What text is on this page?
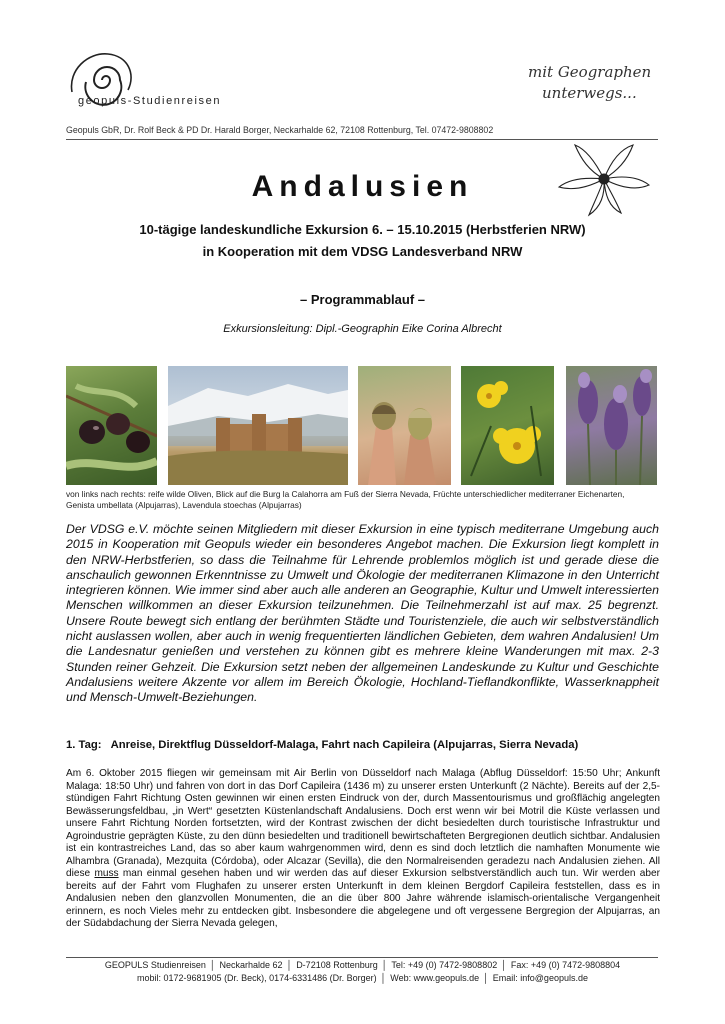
geopuls-Studienreisen
mit Geographen
unterwegs...
Geopuls GbR, Dr. Rolf Beck & PD Dr. Harald Borger, Neckarhalde 62, 72108 Rottenburg, Tel. 07472-9808802
Andalusien
10-tägige landeskundliche Exkursion 6. – 15.10.2015 (Herbstferien NRW)
in Kooperation mit dem VDSG Landesverband NRW
– Programmablauf –
Exkursionsleitung: Dipl.-Geographin Eike Corina Albrecht
von links nach rechts: reife wilde Oliven, Blick auf die Burg la Calahorra am Fuß der Sierra Nevada, Früchte unterschiedlicher mediterraner Eichenarten,
Genista umbellata (Alpujarras), Lavendula stoechas (Alpujarras)
Der VDSG e.V. möchte seinen Mitgliedern mit dieser Exkursion in eine typisch mediterrane Umgebung auch 2015 in Kooperation mit Geopuls wieder ein besonderes Angebot machen. Die Exkursion liegt komplett in den NRW-Herbstferien, so dass die Teilnahme für Lehrende problemlos möglich ist und gerade diese die anschaulich gewonnen Erkenntnisse zu Umwelt und Ökologie der mediterranen Klimazone in den Unterricht integrieren können. Wie immer sind aber auch alle anderen an Geographie, Kultur und Umwelt interessierten Menschen willkommen an dieser Exkursion teilzunehmen. Die Teilnehmerzahl ist auf max. 25 begrenzt. Unsere Route bewegt sich entlang der berühmten Städte und Touristenziele, die auch wir selbstverständlich nicht auslassen wollen, aber auch in wenig frequentierten ländlichen Gebieten, dem wahren Andalusien! Um die Landesnatur genießen und verstehen zu können gibt es mehrere kleine Wanderungen mit max. 2-3 Stunden reiner Gehzeit. Die Exkursion setzt neben der allgemeinen Landeskunde zu Kultur und Geschichte Andalusiens weitere Akzente vor allem im Bereich Ökologie, Hochland-Tieflandkonflikte, Wasserknappheit und Mensch-Umwelt-Beziehungen.
1. Tag: Anreise, Direktflug Düsseldorf-Malaga, Fahrt nach Capileira (Alpujarras, Sierra Nevada)
Am 6. Oktober 2015 fliegen wir gemeinsam mit Air Berlin von Düsseldorf nach Malaga (Abflug Düsseldorf: 15:50 Uhr; Ankunft Malaga: 18:50 Uhr) und fahren von dort in das Dorf Capileira (1436 m) zu unserer ersten Unterkunft (2 Nächte). Bereits auf der 2,5-stündigen Fahrt Richtung Osten gewinnen wir einen ersten Eindruck von der, durch Massentourismus und großflächig angelegten Bewässerungsfeldbau, „in Wert“ gesetzten Küstenlandschaft Andalusiens. Doch erst wenn wir bei Motril die Küste verlassen und unsere Fahrt Richtung Norden fortsetzten, wird der Kontrast zwischen der dicht besiedelten durch touristische Infrastruktur und Agroindustrie geprägten Küste, zu den dünn besiedelten und traditionell bewirtschafteten Bergregionen deutlich sichtbar. Andalusien ist ein kontrastreiches Land, das so aber kaum wahrgenommen wird, denn es sind doch letztlich die namhaften Monumente wie Alhambra (Granada), Mezquita (Córdoba), oder Alcazar (Sevilla), die den Normalreisenden geradezu nach Andalusien ziehen. All diese muss man einmal gesehen haben und wir werden das auf dieser Exkursion selbstverständlich auch tun. Wir werden aber bereits auf der Fahrt vom Flughafen zu unserer ersten Unterkunft in dem kleinen Bergdorf Capileira feststellen, dass es in Andalusien neben den glanzvollen Monumenten, die an die über 800 Jahre währende islamisch-orientalische Vergangenheit erinnern, es noch Vieles mehr zu entdecken gibt. Insbesondere die abgelegene und oft vergessene Bergregion der Alpujarras, an der Südabdachung der Sierra Nevada gelegen,
GEOPULS Studienreisen │ Neckarhalde 62 │ D-72108 Rottenburg │ Tel: +49 (0) 7472-9808802 │ Fax: +49 (0) 7472-9808804
mobil: 0172-9681905 (Dr. Beck), 0174-6331486 (Dr. Borger) │ Web: www.geopuls.de │ Email: info@geopuls.de
